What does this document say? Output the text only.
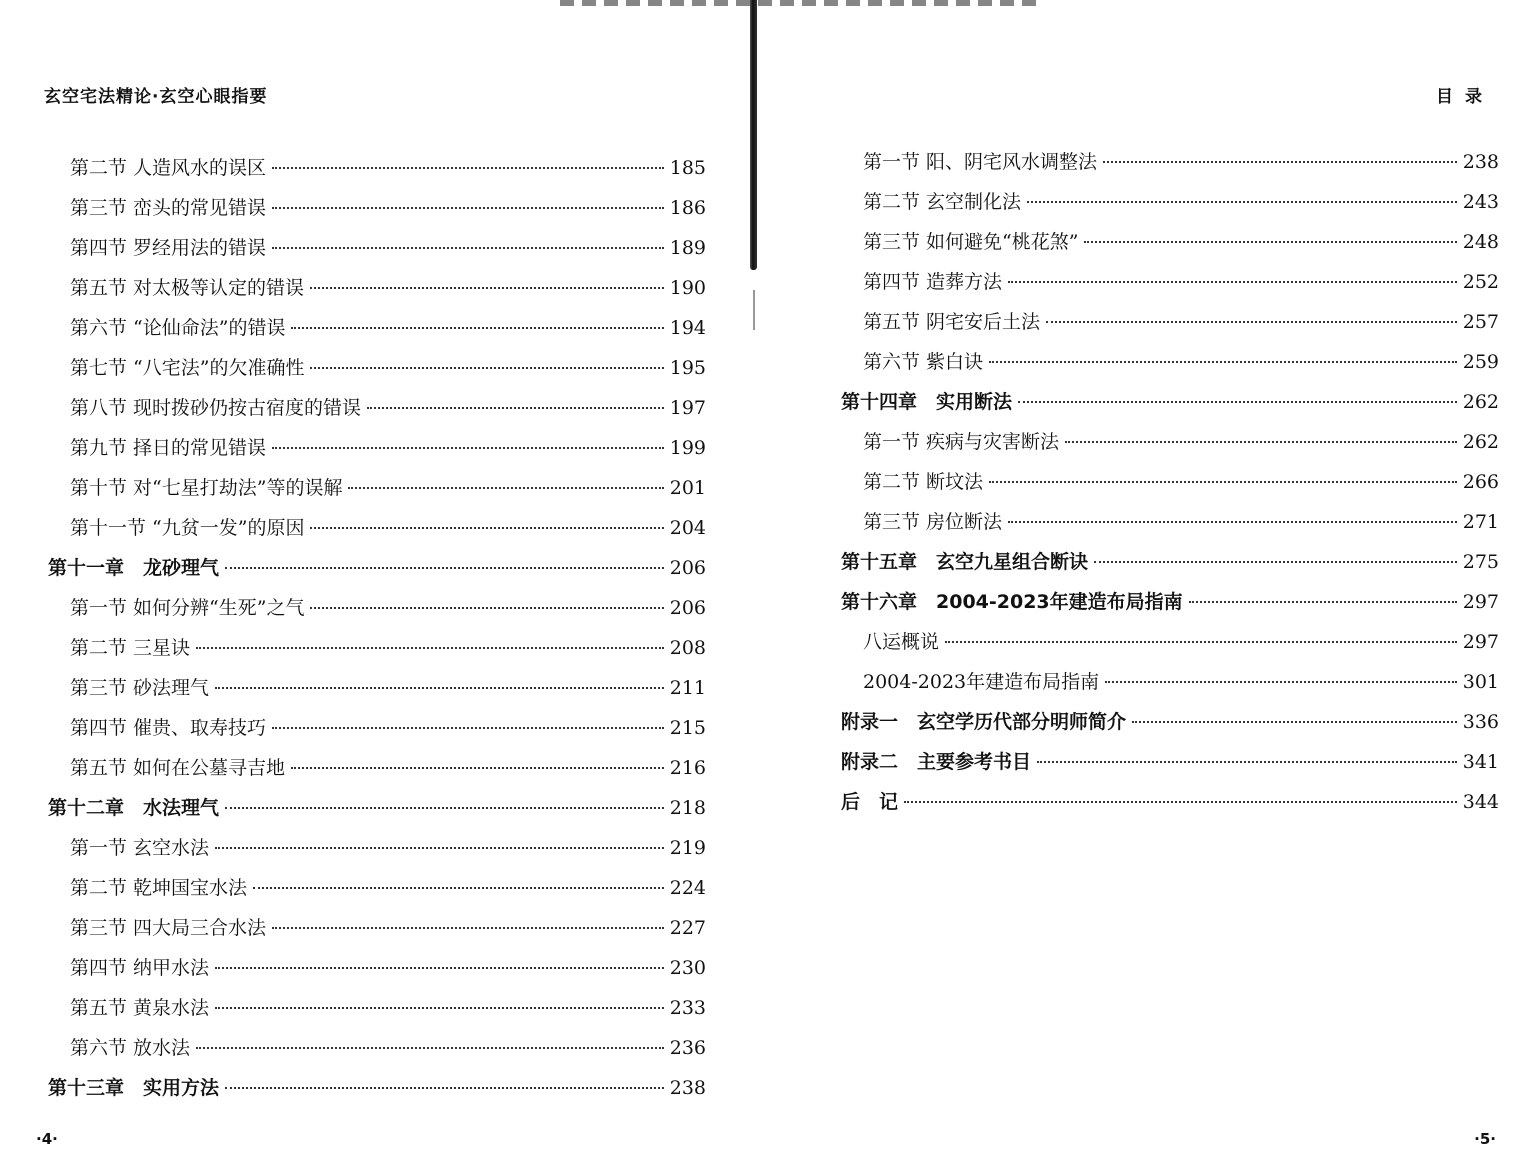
玄空宅法精论·玄空心眼指要
第二节 人造风水的误区	185
第三节 峦头的常见错误	186
第四节 罗经用法的错误	189
第五节 对太极等认定的错误	190
第六节 “论仙命法”的错误	194
第七节 “八宅法”的欠准确性	195
第八节 现时拨砂仍按古宿度的错误	197
第九节 择日的常见错误	199
第十节 对“七星打劫法”等的误解	201
第十一节 “九贫一发”的原因	204
第十一章　龙砂理气	206
第一节 如何分辨“生死”之气	206
第二节 三星诀	208
第三节 砂法理气	211
第四节 催贵、取寿技巧	215
第五节 如何在公墓寻吉地	216
第十二章　水法理气	218
第一节 玄空水法	219
第二节 乾坤国宝水法	224
第三节 四大局三合水法	227
第四节 纳甲水法	230
第五节 黄泉水法	233
第六节 放水法	236
第十三章　实用方法	238
·4·
目录
第一节 阳、阴宅风水调整法	238
第二节 玄空制化法	243
第三节 如何避免“桃花煞”	248
第四节 造葬方法	252
第五节 阴宅安后土法	257
第六节 紫白诀	259
第十四章　实用断法	262
第一节 疾病与灾害断法	262
第二节 断坟法	266
第三节 房位断法	271
第十五章　玄空九星组合断诀	275
第十六章　2004-2023年建造布局指南	297
八运概说	297
2004-2023年建造布局指南	301
附录一　玄空学历代部分明师简介	336
附录二　主要参考书目	341
后　记	344
·5·
